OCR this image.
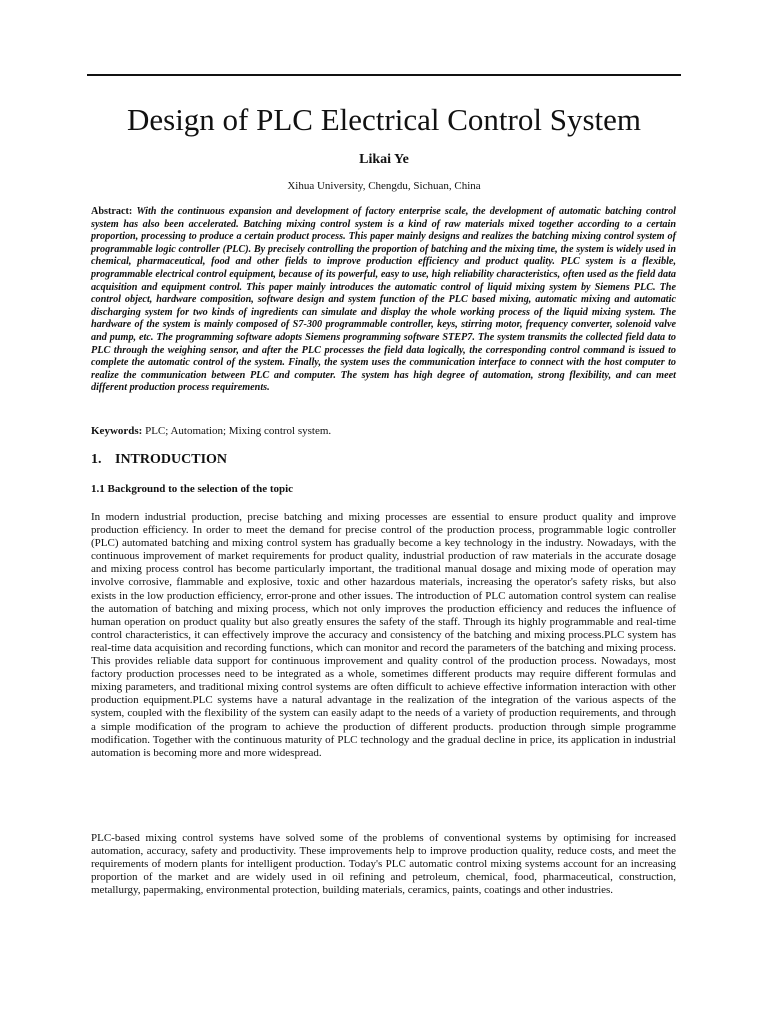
Design of PLC Electrical Control System
Likai Ye
Xihua University, Chengdu, Sichuan, China

Abstract: With the continuous expansion and development of factory enterprise scale, the development of automatic batching control system has also been accelerated. Batching mixing control system is a kind of raw materials mixed together according to a certain proportion, processing to produce a certain product process. This paper mainly designs and realizes the batching mixing control system of programmable logic controller (PLC). By precisely controlling the proportion of batching and the mixing time, the system is widely used in chemical, pharmaceutical, food and other fields to improve production efficiency and product quality. PLC system is a flexible, programmable electrical control equipment, because of its powerful, easy to use, high reliability characteristics, often used as the field data acquisition and equipment control. This paper mainly introduces the automatic control of liquid mixing system by Siemens PLC. The control object, hardware composition, software design and system function of the PLC based mixing, automatic mixing and automatic discharging system for two kinds of ingredients can simulate and display the whole working process of the liquid mixing system. The hardware of the system is mainly composed of S7-300 programmable controller, keys, stirring motor, frequency converter, solenoid valve and pump, etc. The programming software adopts Siemens programming software STEP7. The system transmits the collected field data to PLC through the weighing sensor, and after the PLC processes the field data logically, the corresponding control command is issued to complete the automatic control of the system. Finally, the system uses the communication interface to connect with the host computer to realize the communication between PLC and computer. The system has high degree of automation, strong flexibility, and can meet different production process requirements.

Keywords: PLC; Automation; Mixing control system.

1. INTRODUCTION
1.1 Background to the selection of the topic

In modern industrial production, precise batching and mixing processes are essential to ensure product quality and improve production efficiency. In order to meet the demand for precise control of the production process, programmable logic controller (PLC) automated batching and mixing control system has gradually become a key technology in the industry. Nowadays, with the continuous improvement of market requirements for product quality, industrial production of raw materials in the accurate dosage and mixing process control has become particularly important, the traditional manual dosage and mixing mode of operation may involve corrosive, flammable and explosive, toxic and other hazardous materials, increasing the operator's safety risks, but also exists in the low production efficiency, error-prone and other issues. The introduction of PLC automation control system can realise the automation of batching and mixing process, which not only improves the production efficiency and reduces the influence of human operation on product quality but also greatly ensures the safety of the staff. Through its highly programmable and real-time control characteristics, it can effectively improve the accuracy and consistency of the batching and mixing process.PLC system has real-time data acquisition and recording functions, which can monitor and record the parameters of the batching and mixing process. This provides reliable data support for continuous improvement and quality control of the production process. Nowadays, most factory production processes need to be integrated as a whole, sometimes different products may require different formulas and mixing parameters, and traditional mixing control systems are often difficult to achieve effective information interaction with other production equipment.PLC systems have a natural advantage in the realization of the integration of the various aspects of the system, coupled with the flexibility of the system can easily adapt to the needs of a variety of production requirements, and through a simple modification of the program to achieve the production of different products. production through simple programme modification. Together with the continuous maturity of PLC technology and the gradual decline in price, its application in industrial automation is becoming more and more widespread.

PLC-based mixing control systems have solved some of the problems of conventional systems by optimising for increased automation, accuracy, safety and productivity. These improvements help to improve production quality, reduce costs, and meet the requirements of modern plants for intelligent production. Today's PLC automatic control mixing systems account for an increasing proportion of the market and are widely used in oil refining and petroleum, chemical, food, pharmaceutical, construction, metallurgy, papermaking, environmental protection, building materials, ceramics, paints, coatings and other industries.
